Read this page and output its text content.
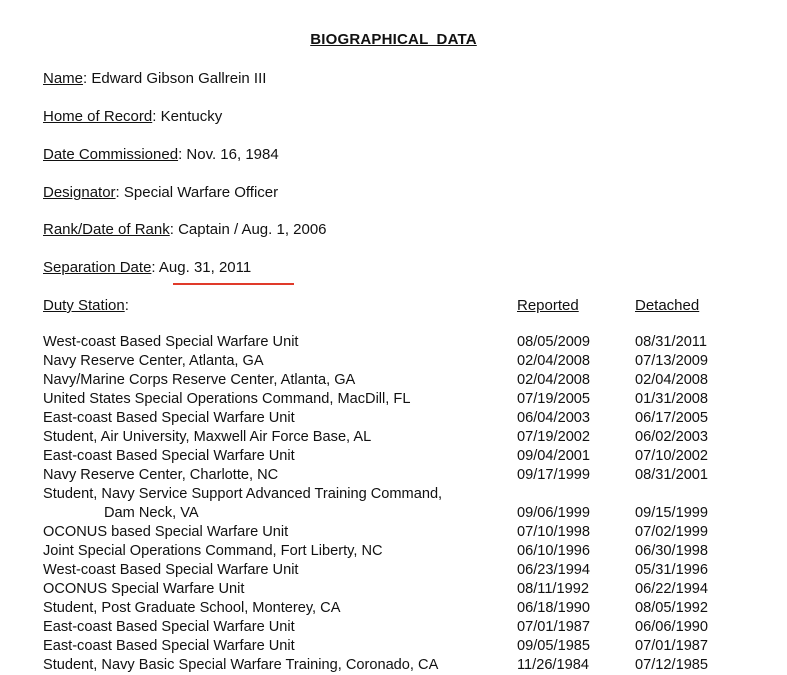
BIOGRAPHICAL DATA
Name: Edward Gibson Gallrein III
Home of Record: Kentucky
Date Commissioned: Nov. 16, 1984
Designator: Special Warfare Officer
Rank/Date of Rank: Captain / Aug. 1, 2006
Separation Date: Aug. 31, 2011
Duty Station:	Reported	Detached
West-coast Based Special Warfare Unit	08/05/2009	08/31/2011
Navy Reserve Center, Atlanta, GA	02/04/2008	07/13/2009
Navy/Marine Corps Reserve Center, Atlanta, GA	02/04/2008	02/04/2008
United States Special Operations Command, MacDill, FL	07/19/2005	01/31/2008
East-coast Based Special Warfare Unit	06/04/2003	06/17/2005
Student, Air University, Maxwell Air Force Base, AL	07/19/2002	06/02/2003
East-coast Based Special Warfare Unit	09/04/2001	07/10/2002
Navy Reserve Center, Charlotte, NC	09/17/1999	08/31/2001
Student, Navy Service Support Advanced Training Command,
Dam Neck, VA	09/06/1999	09/15/1999
OCONUS based Special Warfare Unit	07/10/1998	07/02/1999
Joint Special Operations Command, Fort Liberty, NC	06/10/1996	06/30/1998
West-coast Based Special Warfare Unit	06/23/1994	05/31/1996
OCONUS Special Warfare Unit	08/11/1992	06/22/1994
Student, Post Graduate School, Monterey, CA	06/18/1990	08/05/1992
East-coast Based Special Warfare Unit	07/01/1987	06/06/1990
East-coast Based Special Warfare Unit	09/05/1985	07/01/1987
Student, Navy Basic Special Warfare Training, Coronado, CA	11/26/1984	07/12/1985
